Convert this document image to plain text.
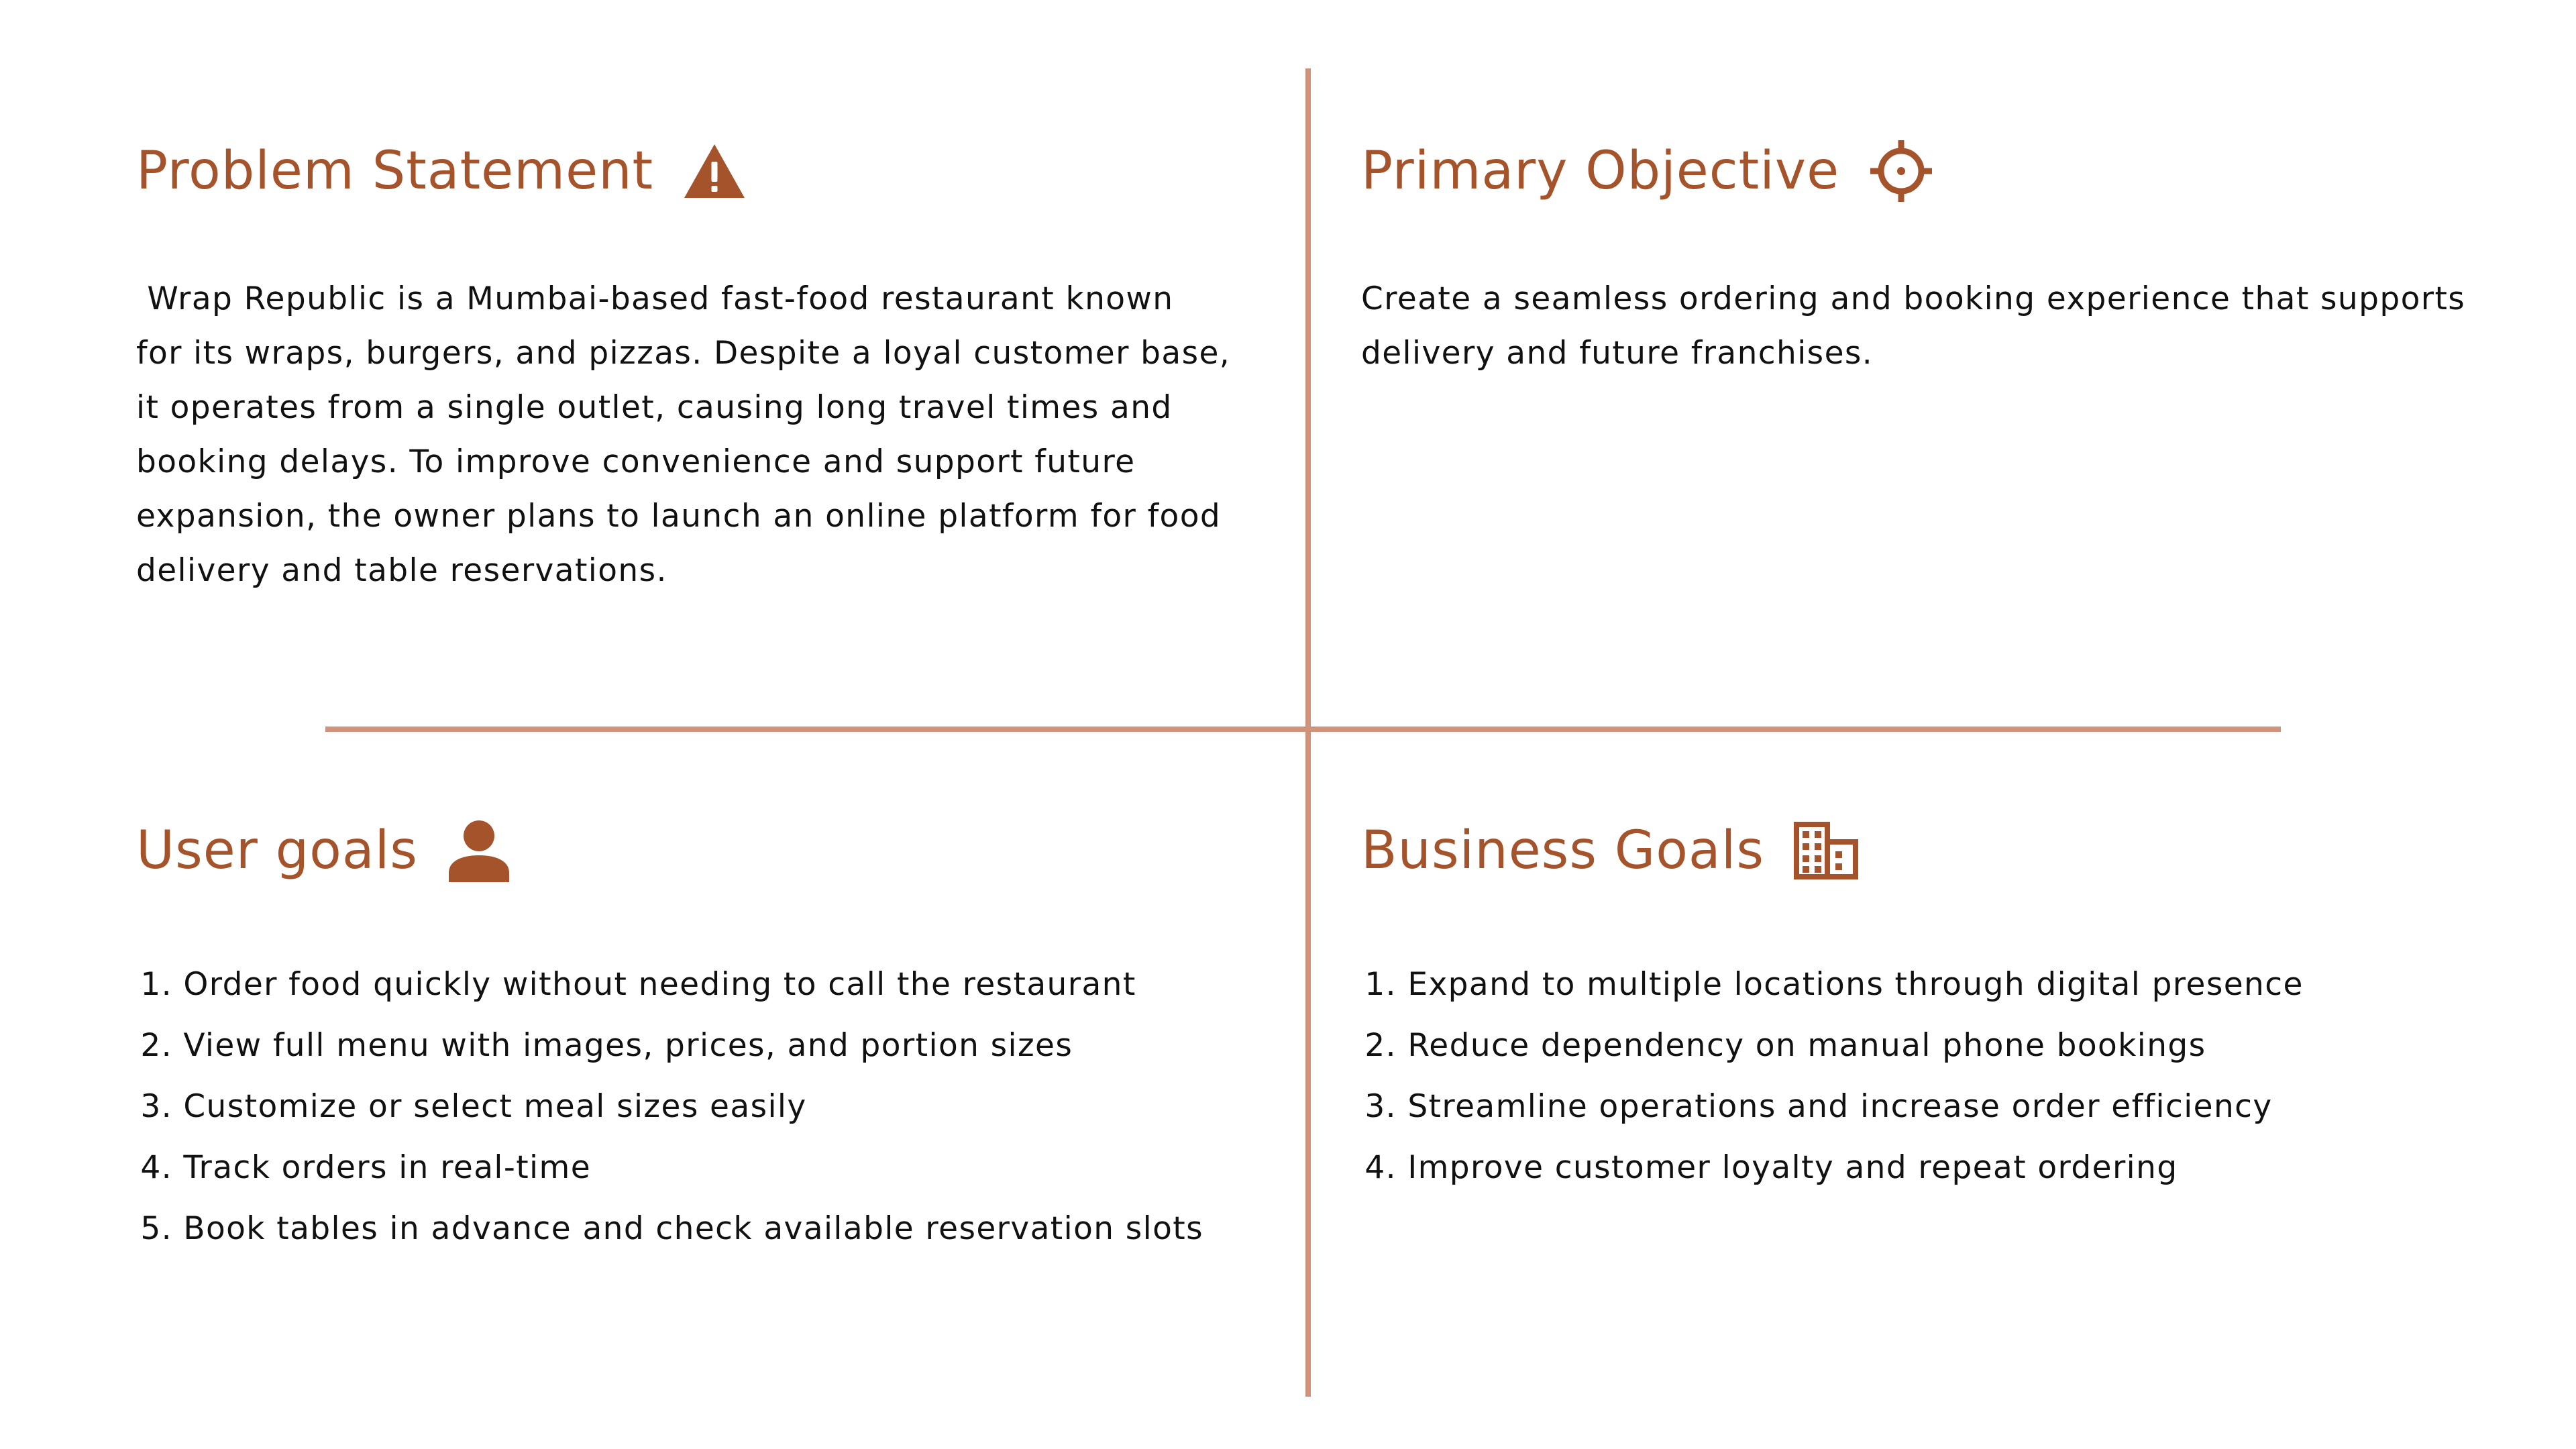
Problem Statement
Wrap Republic is a Mumbai-based fast-food restaurant known
for its wraps, burgers, and pizzas. Despite a loyal customer base,
it operates from a single outlet, causing long travel times and
booking delays. To improve convenience and support future
expansion, the owner plans to launch an online platform for food
delivery and table reservations.
Primary Objective
Create a seamless ordering and booking experience that supports
delivery and future franchises.
User goals
1. Order food quickly without needing to call the restaurant
2. View full menu with images, prices, and portion sizes
3. Customize or select meal sizes easily
4. Track orders in real-time
5. Book tables in advance and check available reservation slots
Business Goals
1. Expand to multiple locations through digital presence
2. Reduce dependency on manual phone bookings
3. Streamline operations and increase order efficiency
4. Improve customer loyalty and repeat ordering
